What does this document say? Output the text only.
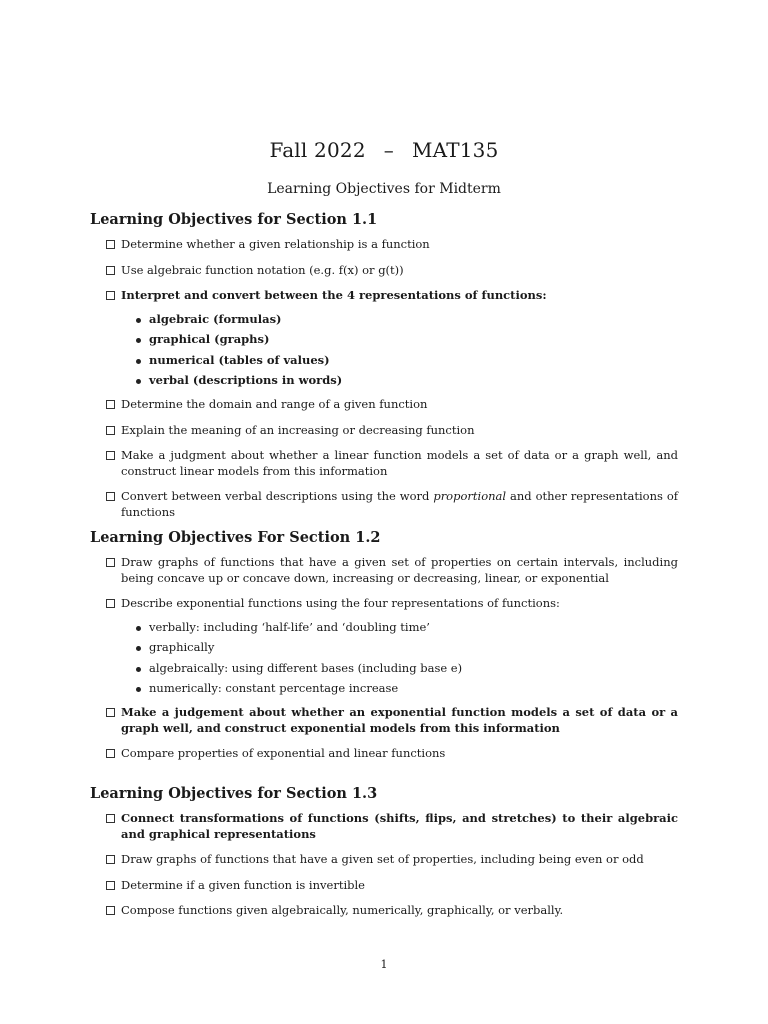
Fall 2022 – MAT135
Learning Objectives for Midterm
Learning Objectives for Section 1.1
Determine whether a given relationship is a function
Use algebraic function notation (e.g. f(x) or g(t))
Interpret and convert between the 4 representations of functions:
algebraic (formulas)
graphical (graphs)
numerical (tables of values)
verbal (descriptions in words)
Determine the domain and range of a given function
Explain the meaning of an increasing or decreasing function
Make a judgment about whether a linear function models a set of data or a graph well, and construct linear models from this information
Convert between verbal descriptions using the word proportional and other representations of functions
Learning Objectives For Section 1.2
Draw graphs of functions that have a given set of properties on certain intervals, including being concave up or concave down, increasing or decreasing, linear, or exponential
Describe exponential functions using the four representations of functions:
verbally: including ‘half-life’ and ‘doubling time’
graphically
algebraically: using different bases (including base e)
numerically: constant percentage increase
Make a judgement about whether an exponential function models a set of data or a graph well, and construct exponential models from this information
Compare properties of exponential and linear functions
Learning Objectives for Section 1.3
Connect transformations of functions (shifts, flips, and stretches) to their algebraic and graphical representations
Draw graphs of functions that have a given set of properties, including being even or odd
Determine if a given function is invertible
Compose functions given algebraically, numerically, graphically, or verbally.
1
